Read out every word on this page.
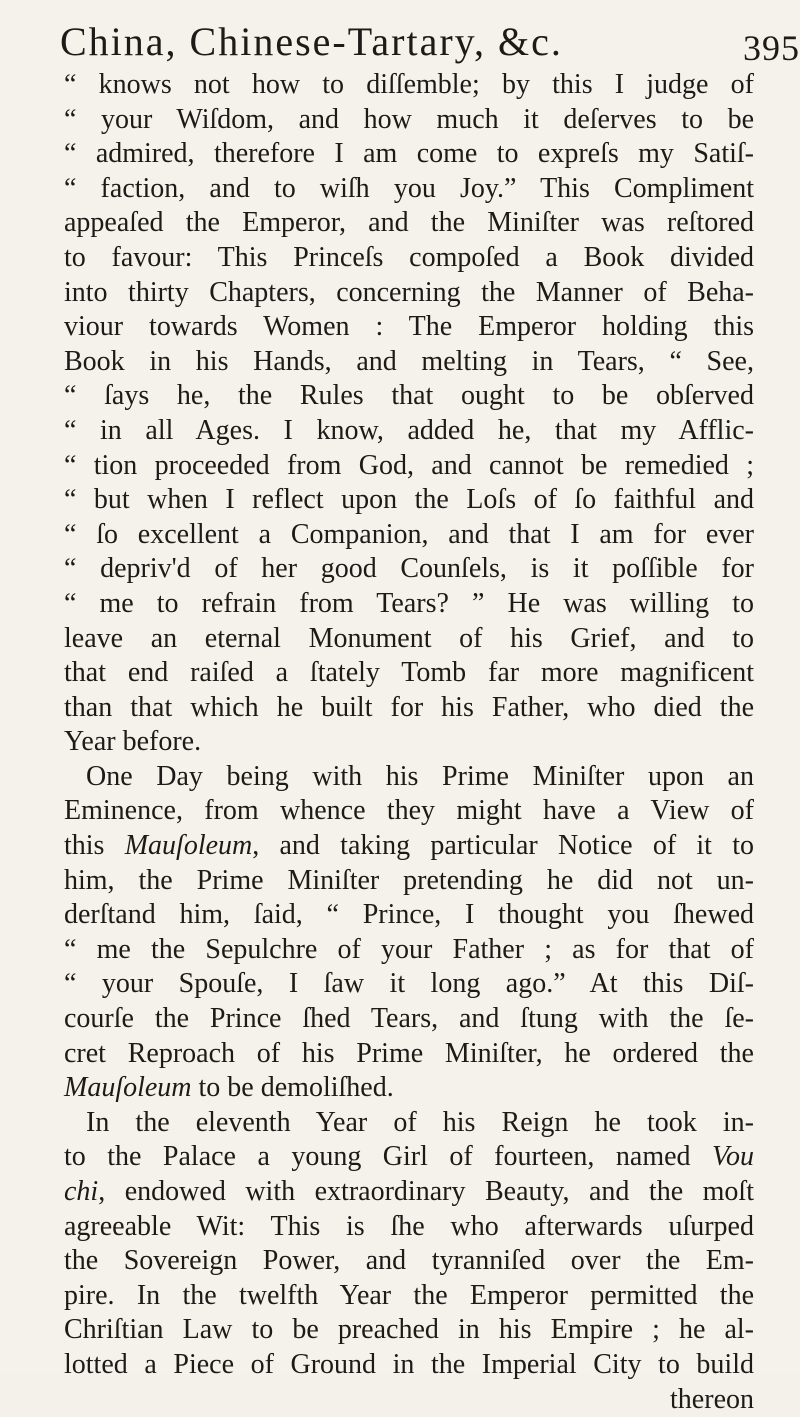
China, Chinese-Tartary, &c.	395
“ knows not how to diſſemble; by this I judge of
“ your Wiſdom, and how much it deſerves to be
“ admired, therefore I am come to expreſs my Satiſ-
“ faction, and to wiſh you Joy.” This Compliment
appeaſed the Emperor, and the Miniſter was reſtored
to favour: This Princeſs compoſed a Book divided
into thirty Chapters, concerning the Manner of Beha-
viour towards Women : The Emperor holding this
Book in his Hands, and melting in Tears, “ See,
“ ſays he, the Rules that ought to be obſerved
“ in all Ages. I know, added he, that my Afflic-
“ tion proceeded from God, and cannot be remedied ;
“ but when I reflect upon the Loſs of ſo faithful and
“ ſo excellent a Companion, and that I am for ever
“ depriv'd of her good Counſels, is it poſſible for
“ me to refrain from Tears? ” He was willing to
leave an eternal Monument of his Grief, and to
that end raiſed a ſtately Tomb far more magnificent
than that which he built for his Father, who died the
Year before.
One Day being with his Prime Miniſter upon an
Eminence, from whence they might have a View of
this Mauſoleum, and taking particular Notice of it to
him, the Prime Miniſter pretending he did not un-
derſtand him, ſaid, “ Prince, I thought you ſhewed
“ me the Sepulchre of your Father ; as for that of
“ your Spouſe, I ſaw it long ago.” At this Diſ-
courſe the Prince ſhed Tears, and ſtung with the ſe-
cret Reproach of his Prime Miniſter, he ordered the
Mauſoleum to be demoliſhed.
In the eleventh Year of his Reign he took in-
to the Palace a young Girl of fourteen, named Vou
chi, endowed with extraordinary Beauty, and the moſt
agreeable Wit: This is ſhe who afterwards uſurped
the Sovereign Power, and tyranniſed over the Em-
pire. In the twelfth Year the Emperor permitted the
Chriſtian Law to be preached in his Empire ; he al-
lotted a Piece of Ground in the Imperial City to build
thereon
